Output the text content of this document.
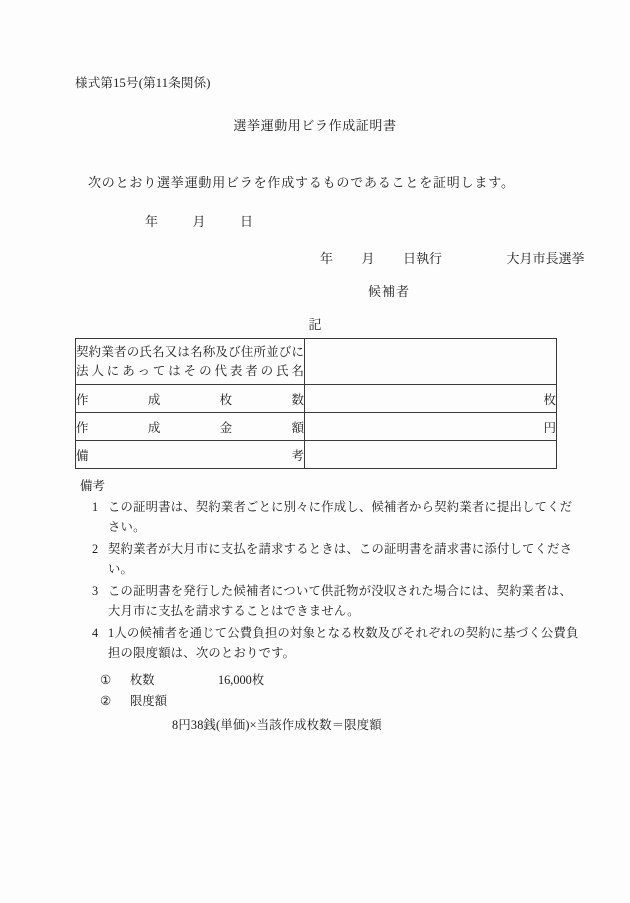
様式第15号(第11条関係)
選挙運動用ビラ作成証明書
次のとおり選挙運動用ビラを作成するものであることを証明します。
年	月	日
年 月 日執行	大月市長選挙
候補者
記
契約業者の氏名又は名称及び住所並びに
法人にあってはその代表者の氏名	

作成枚数	枚
作成金額	円
備考	
備考
1 この証明書は、契約業者ごとに別々に作成し、候補者から契約業者に提出してください。
2 契約業者が大月市に支払を請求するときは、この証明書を請求書に添付してください。
3 この証明書を発行した候補者について供託物が没収された場合には、契約業者は、大月市に支払を請求することはできません。
4 1人の候補者を通じて公費負担の対象となる枚数及びそれぞれの契約に基づく公費負担の限度額は、次のとおりです。
①	枚数	16,000枚
②	限度額
8円38銭(単価)×当該作成枚数＝限度額
